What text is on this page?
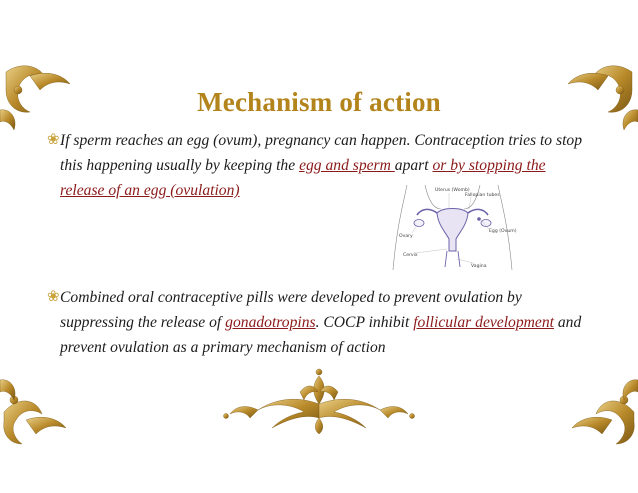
Mechanism of action
❀ If sperm reaches an egg (ovum), pregnancy can happen. Contraception tries to stop this happening usually by keeping the egg and sperm apart or by stopping the release of an egg (ovulation)	Uterus (Womb)
Fallopian tubes
Egg (Ovum)
Ovary
Cervix
Vagina
❀ Combined oral contraceptive pills were developed to prevent ovulation by suppressing the release of gonadotropins. COCP inhibit follicular development and prevent ovulation as a primary mechanism of action
